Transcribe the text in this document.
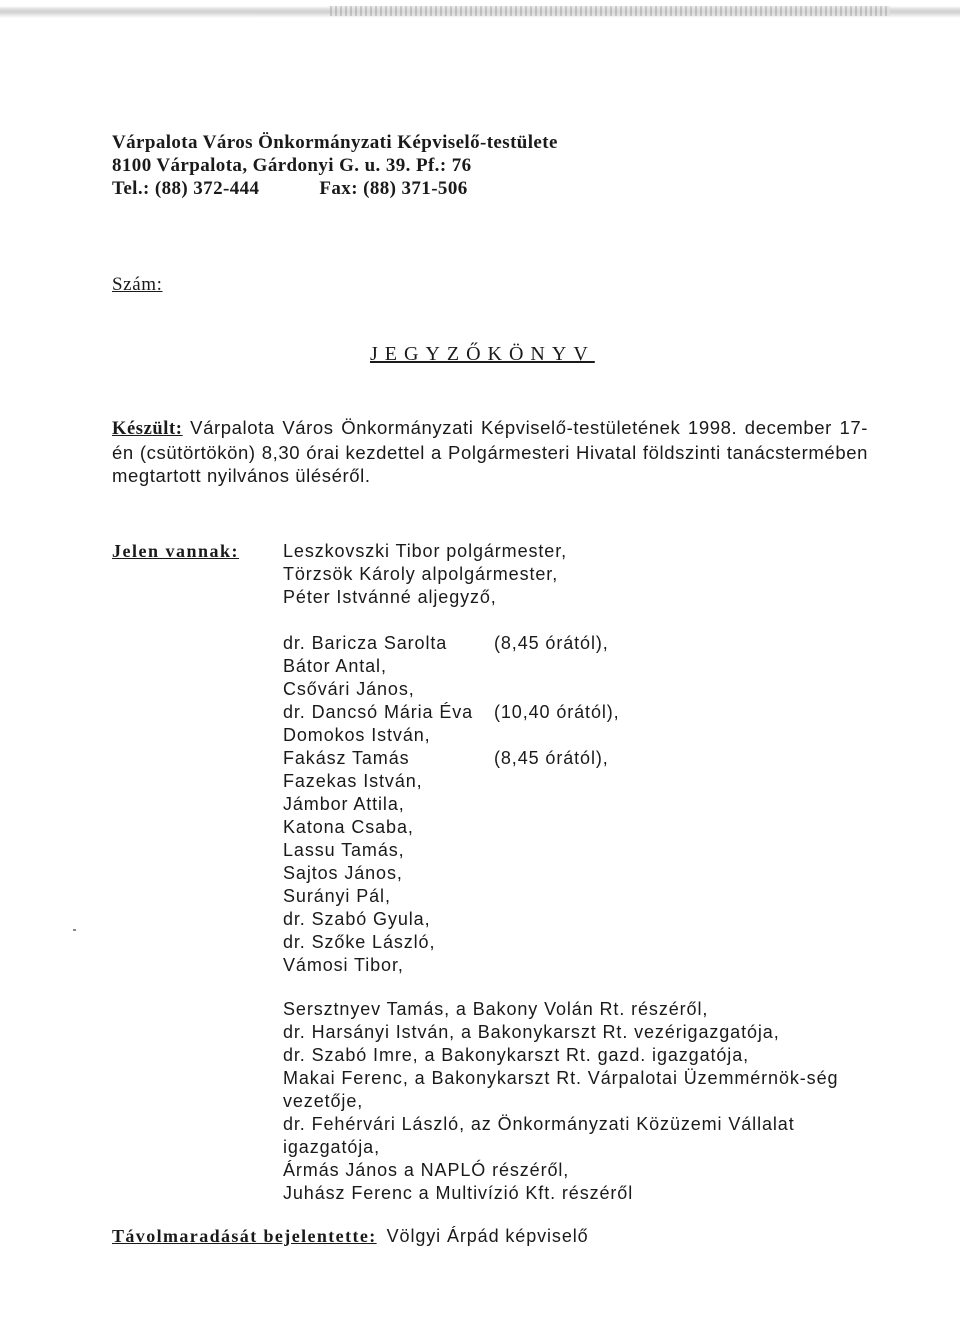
Várpalota Város Önkormányzati Képviselő-testülete
8100 Várpalota, Gárdonyi G. u. 39. Pf.: 76
Tel.: (88) 372-444	Fax: (88) 371-506
Szám:
JEGYZŐKÖNYV
Készült: Várpalota Város Önkormányzati Képviselő-testületének 1998. december 17-én (csütörtökön) 8,30 órai kezdettel a Polgármesteri Hivatal földszinti tanácstermében megtartott nyilvános üléséről.
Jelen vannak: Leszkovszki Tibor polgármester,
Törzsök Károly alpolgármester,
Péter Istvánné aljegyző,
dr. Baricza Sarolta	(8,45 órától),
Bátor Antal,
Csővári János,
dr. Dancsó Mária Éva (10,40 órától),
Domokos István,
Fakász Tamás	(8,45 órától),
Fazekas István,
Jámbor Attila,
Katona Csaba,
Lassu Tamás,
Sajtos János,
Surányi Pál,
dr. Szabó Gyula,
dr. Szőke László,
Vámosi Tibor,
Sersztnyev Tamás, a Bakony Volán Rt. részéről,
dr. Harsányi István, a Bakonykarszt Rt. vezérigazgatója,
dr. Szabó Imre, a Bakonykarszt Rt. gazd. igazgatója,
Makai Ferenc, a Bakonykarszt Rt. Várpalotai Üzemmérnök-ség vezetője,
dr. Fehérvári László, az Önkormányzati Közüzemi Vállalat igazgatója,
Ármás János a NAPLÓ részéről,
Juhász Ferenc a Multivízió Kft. részéről
Távolmaradását bejelentette: Völgyi Árpád képviselő
